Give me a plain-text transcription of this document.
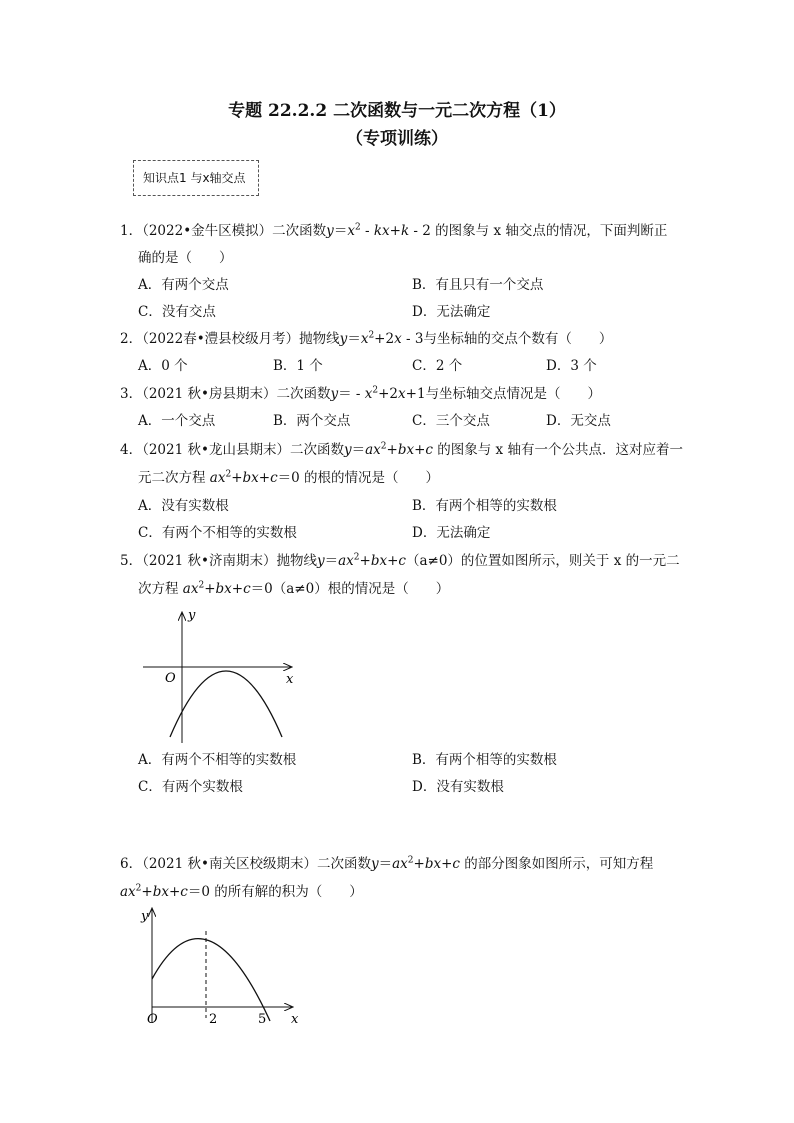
专题 22.2.2 二次函数与一元二次方程（1）
（专项训练）
知识点1 与x轴交点
1．（2022•金牛区模拟）二次函数$y=x^2 - kx+k - 2$ 的图象与 x 轴交点的情况，下面判断正
确的是（　　）
A．有两个交点	B．有且只有一个交点
C．没有交点	D．无法确定
2．（2022春•澧县校级月考）抛物线$y=x^2+2x - 3$与坐标轴的交点个数有（　　）
A．0 个	B．1 个	C．2 个	D．3 个
3．（2021 秋•房县期末）二次函数$y= - x^2+2x+1$与坐标轴交点情况是（　　）
A．一个交点	B．两个交点	C．三个交点	D．无交点
4．（2021 秋•龙山县期末）二次函数$y=ax^2+bx+c$ 的图象与 x 轴有一个公共点．这对应着一
元二次方程 $ax^2+bx+c=0$ 的根的情况是（　　）
A．没有实数根	B．有两个相等的实数根
C．有两个不相等的实数根	D．无法确定
5．（2021 秋•济南期末）抛物线$y=ax^2+bx+c(a\ne 0)$的位置如图所示，则关于 x 的一元二
次方程 $ax^2+bx+c=0(a\ne 0)$根的情况是（　　）
y
x
O
A．有两个不相等的实数根	B．有两个相等的实数根
C．有两个实数根	D．没有实数根
6．（2021 秋•南关区校级期末）二次函数$y=ax^2+bx+c$ 的部分图象如图所示，可知方程
$ax^2+bx+c=0$ 的所有解的积为（　　）
y
x
O	2	5
